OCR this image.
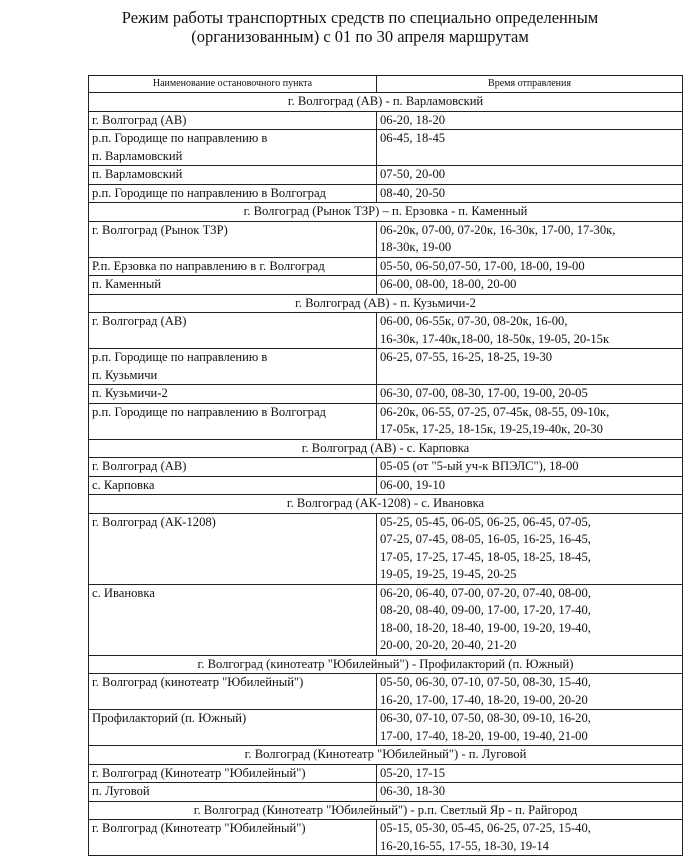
Режим работы транспортных средств по специально определенным
(организованным) с 01 по 30 апреля маршрутам
Наименование остановочного пункта	Время отправления
г. Волгоград (АВ) - п. Варламовский	

г. Волгоград (АВ)	06-20, 18-20

р.п. Городище по направлению в
п. Варламовский	06-45, 18-45

п. Варламовский	07-50, 20-00

р.п. Городище по направлению в Волгоград	08-40, 20-50

г. Волгоград (Рынок ТЗР) – п. Ерзовка - п. Каменный	

г. Волгоград (Рынок ТЗР)	06-20к, 07-00, 07-20к, 16-30к, 17-00, 17-30к,
18-30к, 19-00

Р.п. Ерзовка по направлению в г. Волгоград	05-50, 06-50,07-50, 17-00, 18-00, 19-00

п. Каменный	06-00, 08-00, 18-00, 20-00

г. Волгоград (АВ) - п. Кузьмичи-2	

г. Волгоград (АВ)	06-00, 06-55к, 07-30, 08-20к, 16-00,
16-30к, 17-40к,18-00, 18-50к, 19-05, 20-15к

р.п. Городище по направлению в
п. Кузьмичи	06-25, 07-55, 16-25, 18-25, 19-30

п. Кузьмичи-2	06-30, 07-00, 08-30, 17-00, 19-00, 20-05

р.п. Городище по направлению в Волгоград	06-20к, 06-55, 07-25, 07-45к, 08-55, 09-10к,
17-05к, 17-25, 18-15к, 19-25,19-40к, 20-30

г. Волгоград (АВ) - с. Карповка	

г. Волгоград (АВ)	05-05 (от "5-ый уч-к ВПЭЛС"), 18-00

с. Карповка	06-00, 19-10

г. Волгоград (АК-1208) - с. Ивановка	

г. Волгоград (АК-1208)	05-25, 05-45, 06-05, 06-25, 06-45, 07-05,
07-25, 07-45, 08-05, 16-05, 16-25, 16-45,
17-05, 17-25, 17-45, 18-05, 18-25, 18-45,
19-05, 19-25, 19-45, 20-25

с. Ивановка	06-20, 06-40, 07-00, 07-20, 07-40, 08-00,
08-20, 08-40, 09-00, 17-00, 17-20, 17-40,
18-00, 18-20, 18-40, 19-00, 19-20, 19-40,
20-00, 20-20, 20-40, 21-20

г. Волгоград (кинотеатр "Юбилейный") - Профилакторий (п. Южный)	

г. Волгоград (кинотеатр "Юбилейный")	05-50, 06-30, 07-10, 07-50, 08-30, 15-40,
16-20, 17-00, 17-40, 18-20, 19-00, 20-20

Профилакторий (п. Южный)	06-30, 07-10, 07-50, 08-30, 09-10, 16-20,
17-00, 17-40, 18-20, 19-00, 19-40, 21-00

г. Волгоград (Кинотеатр "Юбилейный") - п. Луговой	

г. Волгоград (Кинотеатр "Юбилейный")	05-20, 17-15

п. Луговой	06-30, 18-30

г. Волгоград (Кинотеатр "Юбилейный") - р.п. Светлый Яр - п. Райгород	

г. Волгоград (Кинотеатр "Юбилейный")	05-15, 05-30, 05-45, 06-25, 07-25, 15-40,
16-20,16-55, 17-55, 18-30, 19-14
